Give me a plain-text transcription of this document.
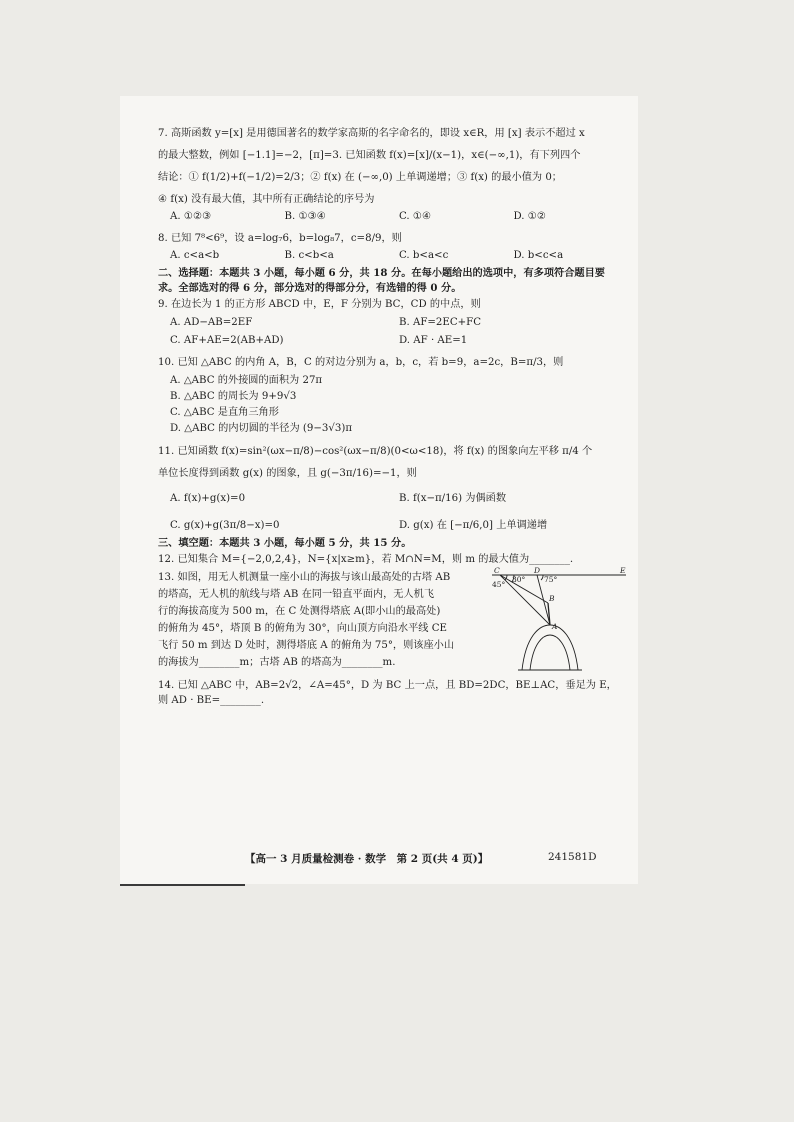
7. 高斯函数 y=[x] 是用德国著名的数学家高斯的名字命名的，即设 x∈R，用 [x] 表示不超过 x
的最大整数，例如 [−1.1]=−2，[π]=3. 已知函数 f(x)=[x]/(x−1)，x∈(−∞,1)，有下列四个
结论：① f(1/2)+f(−1/2)=2/3；② f(x) 在 (−∞,0) 上单调递增；③ f(x) 的最小值为 0；
④ f(x) 没有最大值，其中所有正确结论的序号为
A. ①②③	B. ①③④	C. ①④	D. ①②
8. 已知 7⁸<6⁹，设 a=log₇6，b=log₈7，c=8/9，则
A. c<a<b	B. c<b<a	C. b<a<c	D. b<c<a
二、选择题：本题共 3 小题，每小题 6 分，共 18 分。在每小题给出的选项中，有多项符合题目要
求。全部选对的得 6 分，部分选对的得部分分，有选错的得 0 分。
9. 在边长为 1 的正方形 ABCD 中，E，F 分别为 BC，CD 的中点，则
A. AD−AB=2EF	B. AF=2EC+FC
C. AF+AE=2(AB+AD)	D. AF · AE=1
10. 已知 △ABC 的内角 A，B，C 的对边分别为 a，b，c，若 b=9，a=2c，B=π/3，则
A. △ABC 的外接圆的面积为 27π
B. △ABC 的周长为 9+9√3
C. △ABC 是直角三角形
D. △ABC 的内切圆的半径为 (9−3√3)π
11. 已知函数 f(x)=sin²(ωx−π/8)−cos²(ωx−π/8)(0<ω<18)，将 f(x) 的图象向左平移 π/4 个
单位长度得到函数 g(x) 的图象，且 g(−3π/16)=−1，则
A. f(x)+g(x)=0	B. f(x−π/16) 为偶函数
C. g(x)+g(3π/8−x)=0	D. g(x) 在 [−π/6,0] 上单调递增
三、填空题：本题共 3 小题，每小题 5 分，共 15 分。
12. 已知集合 M={−2,0,2,4}，N={x|x≥m}，若 M∩N=M，则 m 的最大值为________.
13. 如图，用无人机测量一座小山的海拔与该山最高处的古塔 AB
的塔高，无人机的航线与塔 AB 在同一铅直平面内，无人机飞
行的海拔高度为 500 m，在 C 处测得塔底 A(即小山的最高处)
的俯角为 45°，塔顶 B 的俯角为 30°，向山顶方向沿水平线 CE
飞行 50 m 到达 D 处时，测得塔底 A 的俯角为 75°，则该座小山
的海拔为________m；古塔 AB 的塔高为________m.
C	D	E
45°
30° 75°
B
A
14. 已知 △ABC 中，AB=2√2，∠A=45°，D 为 BC 上一点，且 BD=2DC，BE⊥AC，垂足为 E，
则 AD · BE=________.
【高一 3 月质量检测卷 · 数学　第 2 页(共 4 页)】	241581D
